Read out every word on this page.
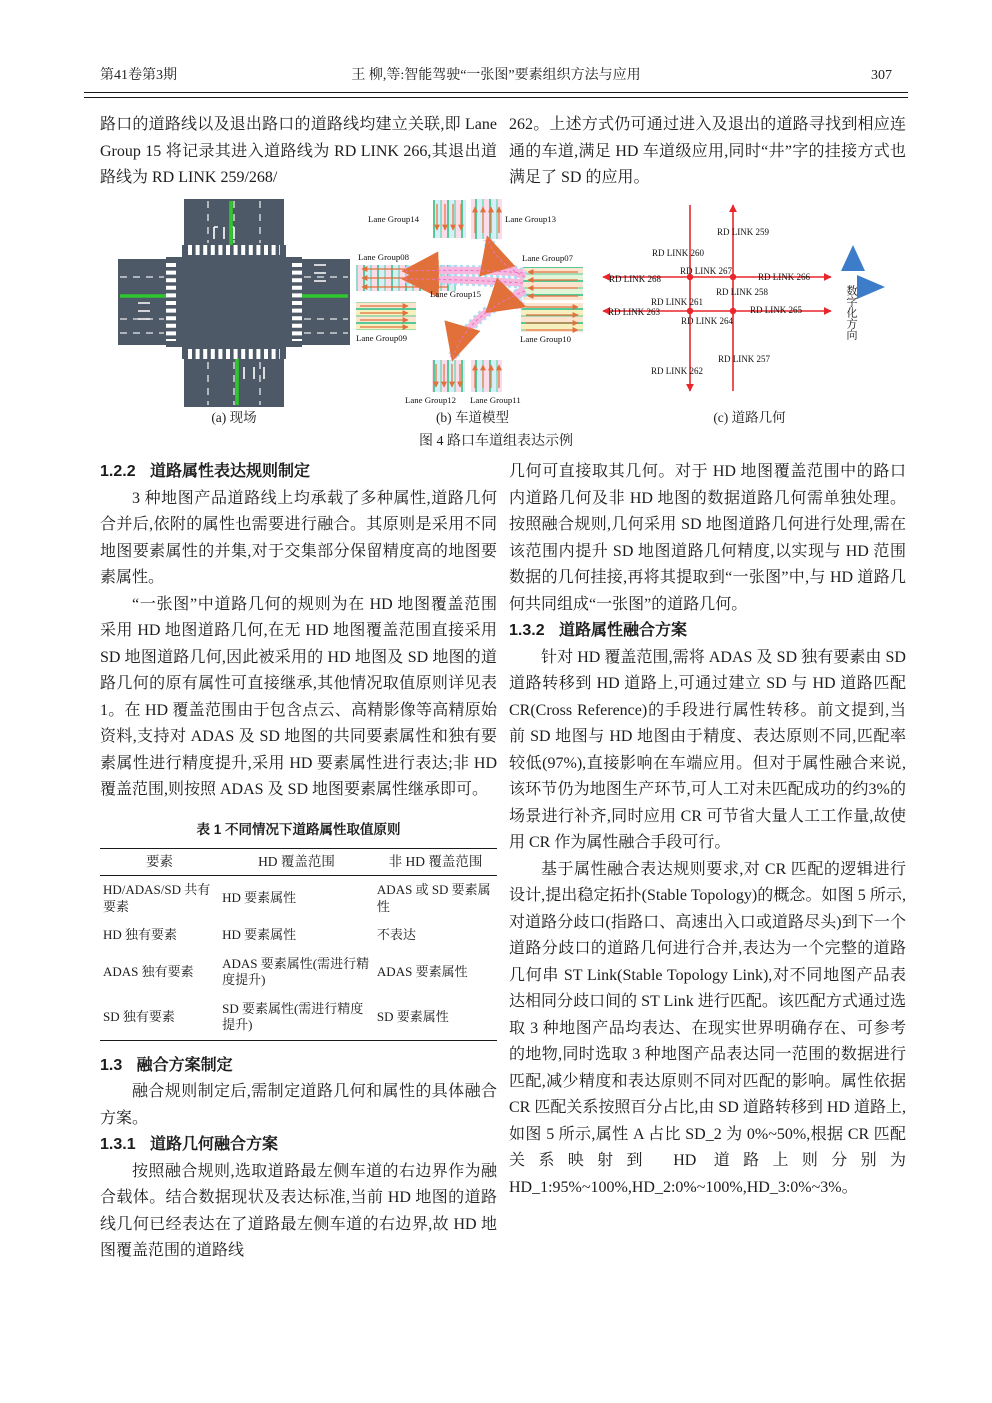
第41卷第3期	王 柳,等:智能驾驶“一张图”要素组织方法与应用	307

路口的道路线以及退出路口的道路线均建立关联,即 Lane Group 15 将记录其进入道路线为 RD LINK 266,其退出道路线为 RD LINK 259/268/

262。上述方式仍可通过进入及退出的道路寻找到相应连通的车道,满足 HD 车道级应用,同时“井”字的挂接方式也满足了 SD 的应用。

Lane Group14	Lane Group13
Lane Group08	Lane Group07
Lane Group15
Lane Group09	Lane Group10
Lane Group12 Lane Group11
RD LINK 259
RD LINK 260
RD LINK 267
RD LINK 268	RD LINK 266
RD LINK 258
RD LINK 261
RD LINK 263
RD LINK 264
RD LINK 265
RD LINK 257
RD LINK 262
数字化方向
(a) 现场	(b) 车道模型	(c) 道路几何
图 4 路口车道组表达示例
1.2.2 道路属性表达规则制定

3 种地图产品道路线上均承载了多种属性,道路几何合并后,依附的属性也需要进行融合。其原则是采用不同地图要素属性的并集,对于交集部分保留精度高的地图要素属性。

“一张图”中道路几何的规则为在 HD 地图覆盖范围采用 HD 地图道路几何,在无 HD 地图覆盖范围直接采用 SD 地图道路几何,因此被采用的 HD 地图及 SD 地图的道路几何的原有属性可直接继承,其他情况取值原则详见表 1。在 HD 覆盖范围由于包含点云、高精影像等高精原始资料,支持对 ADAS 及 SD 地图的共同要素属性和独有要素属性进行精度提升,采用 HD 要素属性进行表达;非 HD 覆盖范围,则按照 ADAS 及 SD 地图要素属性继承即可。

表 1 不同情况下道路属性取值原则
要素	HD 覆盖范围	非 HD 覆盖范围
HD/ADAS/SD 共有要素	HD 要素属性	ADAS 或 SD 要素属性
HD 独有要素	HD 要素属性	不表达
ADAS 独有要素	ADAS 要素属性(需进行精度提升)	ADAS 要素属性
SD 独有要素	SD 要素属性(需进行精度提升)	SD 要素属性
1.3 融合方案制定

融合规则制定后,需制定道路几何和属性的具体融合方案。

1.3.1 道路几何融合方案

按照融合规则,选取道路最左侧车道的右边界作为融合载体。结合数据现状及表达标准,当前 HD 地图的道路线几何已经表达在了道路最左侧车道的右边界,故 HD 地图覆盖范围的道路线

几何可直接取其几何。对于 HD 地图覆盖范围中的路口内道路几何及非 HD 地图的数据道路几何需单独处理。按照融合规则,几何采用 SD 地图道路几何进行处理,需在该范围内提升 SD 地图道路几何精度,以实现与 HD 范围数据的几何挂接,再将其提取到“一张图”中,与 HD 道路几何共同组成“一张图”的道路几何。

1.3.2 道路属性融合方案

针对 HD 覆盖范围,需将 ADAS 及 SD 独有要素由 SD 道路转移到 HD 道路上,可通过建立 SD 与 HD 道路匹配 CR(Cross Reference)的手段进行属性转移。前文提到,当前 SD 地图与 HD 地图由于精度、表达原则不同,匹配率较低(97%),直接影响在车端应用。但对于属性融合来说,该环节仍为地图生产环节,可人工对未匹配成功的约3%的场景进行补齐,同时应用 CR 可节省大量人工工作量,故使用 CR 作为属性融合手段可行。

基于属性融合表达规则要求,对 CR 匹配的逻辑进行设计,提出稳定拓扑(Stable Topology)的概念。如图 5 所示,对道路分歧口(指路口、高速出入口或道路尽头)到下一个道路分歧口的道路几何进行合并,表达为一个完整的道路几何串 ST Link(Stable Topology Link),对不同地图产品表达相同分歧口间的 ST Link 进行匹配。该匹配方式通过选取 3 种地图产品均表达、在现实世界明确存在、可参考的地物,同时选取 3 种地图产品表达同一范围的数据进行匹配,减少精度和表达原则不同对匹配的影响。属性依据 CR 匹配关系按照百分占比,由 SD 道路转移到 HD 道路上,如图 5 所示,属性 A 占比 SD_2 为 0%~50%,根据 CR 匹配关系映射到 HD 道路上则分别为 HD_1:95%~100%,HD_2:0%~100%,HD_3:0%~3%。
